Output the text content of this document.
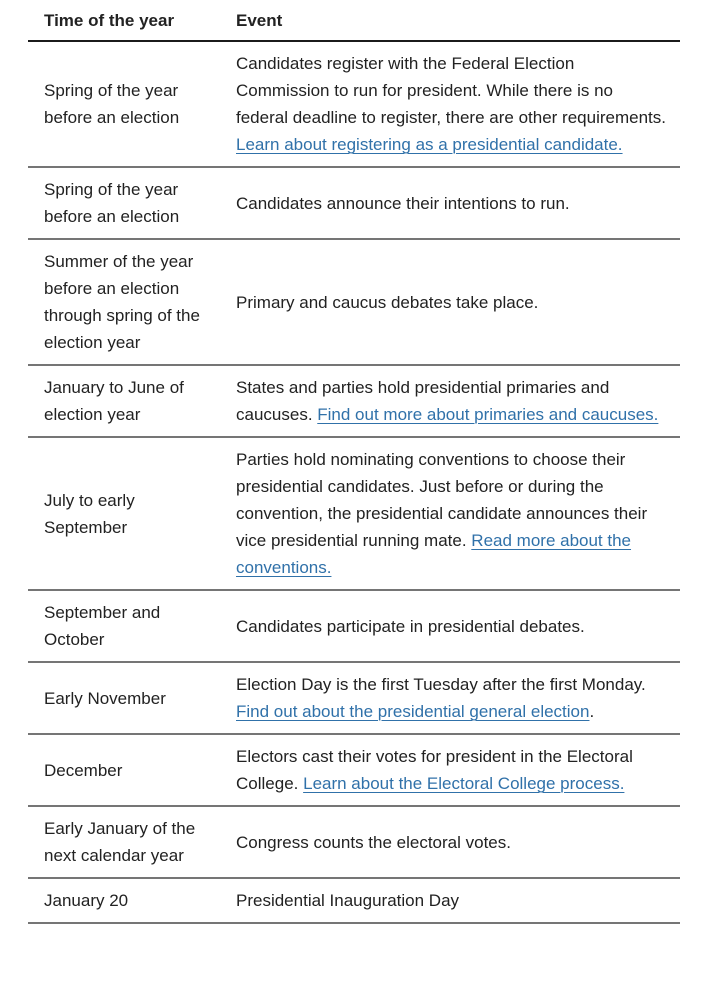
Time of the year	Event
Spring of the year before an election	Candidates register with the Federal Election Commission to run for president. While there is no federal deadline to register, there are other requirements. Learn about registering as a presidential candidate.
Spring of the year before an election	Candidates announce their intentions to run.
Summer of the year before an election through spring of the election year	Primary and caucus debates take place.
January to June of election year	States and parties hold presidential primaries and caucuses. Find out more about primaries and caucuses.
July to early September	Parties hold nominating conventions to choose their presidential candidates. Just before or during the convention, the presidential candidate announces their vice presidential running mate. Read more about the conventions.
September and October	Candidates participate in presidential debates.
Early November	Election Day is the first Tuesday after the first Monday. Find out about the presidential general election.
December	Electors cast their votes for president in the Electoral College. Learn about the Electoral College process.
Early January of the next calendar year	Congress counts the electoral votes.
January 20	Presidential Inauguration Day
